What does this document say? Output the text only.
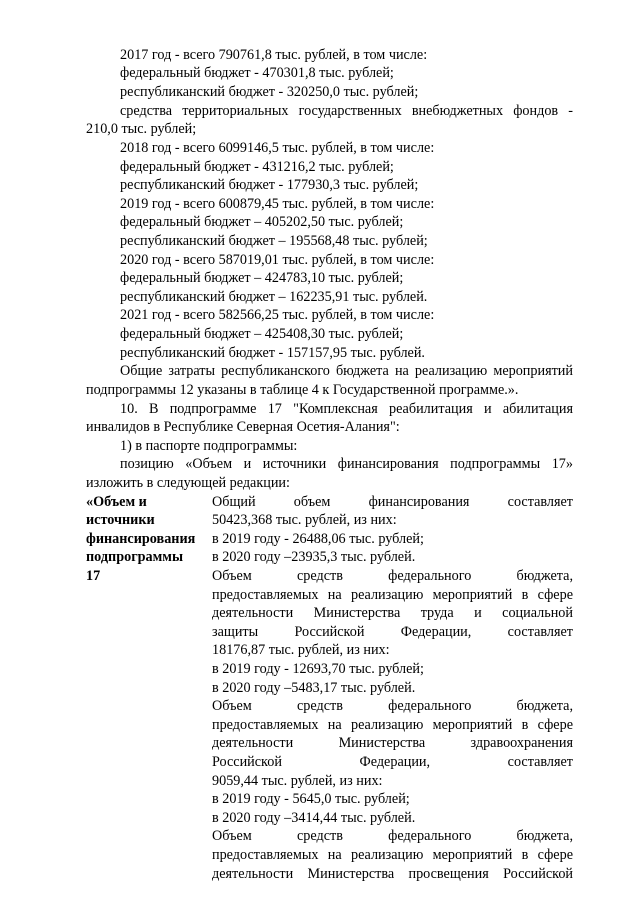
2017 год - всего 790761,8 тыс. рублей, в том числе:
федеральный бюджет - 470301,8 тыс. рублей;
республиканский бюджет - 320250,0 тыс. рублей;
средства территориальных государственных внебюджетных фондов -
210,0 тыс. рублей;
2018 год - всего 6099146,5 тыс. рублей, в том числе:
федеральный бюджет - 431216,2 тыс. рублей;
республиканский бюджет - 177930,3 тыс. рублей;
2019 год - всего 600879,45 тыс. рублей, в том числе:
федеральный бюджет – 405202,50 тыс. рублей;
республиканский бюджет – 195568,48 тыс. рублей;
2020 год - всего 587019,01 тыс. рублей, в том числе:
федеральный бюджет – 424783,10 тыс. рублей;
республиканский бюджет – 162235,91 тыс. рублей.
2021 год - всего 582566,25 тыс. рублей, в том числе:
федеральный бюджет – 425408,30 тыс. рублей;
республиканский бюджет - 157157,95 тыс. рублей.
Общие затраты республиканского бюджета на реализацию мероприятий
подпрограммы 12 указаны в таблице 4 к Государственной программе.».
10. В подпрограмме 17 "Комплексная реабилитация и абилитация
инвалидов в Республике Северная Осетия-Алания":
1) в паспорте подпрограммы:
позицию «Объем и источники финансирования подпрограммы 17»
изложить в следующей редакции:
«Объем и
источники
финансирования
подпрограммы
17
Общий объем финансирования составляет
50423,368 тыс. рублей, из них:
в 2019 году - 26488,06 тыс. рублей;
в 2020 году –23935,3 тыс. рублей.
Объем средств федерального бюджета,
предоставляемых на реализацию мероприятий в сфере
деятельности Министерства труда и социальной
защиты Российской Федерации, составляет
18176,87 тыс. рублей, из них:
в 2019 году - 12693,70 тыс. рублей;
в 2020 году –5483,17 тыс. рублей.
Объем средств федерального бюджета,
предоставляемых на реализацию мероприятий в сфере
деятельности Министерства здравоохранения
Российской Федерации, составляет
9059,44 тыс. рублей, из них:
в 2019 году - 5645,0 тыс. рублей;
в 2020 году –3414,44 тыс. рублей.
Объем средств федерального бюджета,
предоставляемых на реализацию мероприятий в сфере
деятельности Министерства просвещения Российской
